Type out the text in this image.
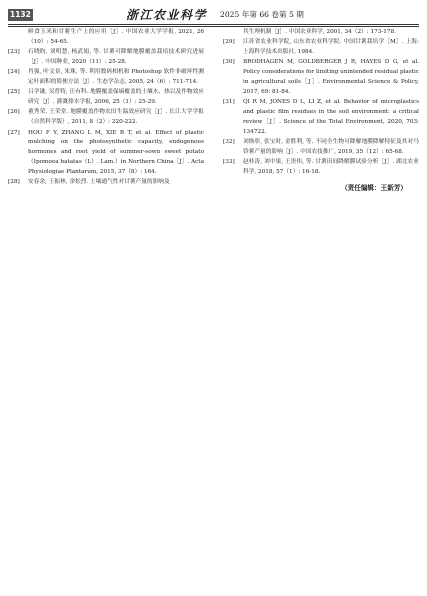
1132	浙江农业科学 2025 年第 66 卷第 5 期
鲜食玉米和甘薯生产上的应用［J］. 中国农业大学学报, 2021, 26（10）: 54-65.
[23]	石晓昀, 刘明慧, 杨武娟, 等. 甘薯可降解地膜覆盖栽培技术研究进展［J］. 中国种业, 2020（11）: 25-28.
[24]	肖强, 叶文景, 朱珠, 等. 利用数码相机和 Photoshop 软件非破坏性测定叶面积的简便方法［J］. 生态学杂志, 2005, 24（6）: 711-714.
[25]	吕学谦, 吴普特, 汪有科. 地膜覆盖保墒覆盖的土壤水、热以及作物效应研究［J］. 灌溉排水学报, 2006, 25（1）: 25-29.
[26]	董秀荣, 王荣堂. 地膜覆盖作物农田生温效应研究［J］. 长江大学学报（自然科学版）, 2011, 8（2）: 220-222.
[27]	HOU F Y, ZHANG L M, XIE B T, et al. Effect of plastic mulching on the photosynthetic capacity, endogenous hormones and root yield of summer-sown sweet potato（Ipomoea batatas（L）. Lam.）in Northern China［J］. Acta Physiologiae Plantarum, 2015, 37（8）: 164.
[28]	安春余, 王振林, 余松烈. 土壤通气性对甘薯产量的影响及
其生理机制［J］. 中国农业科学, 2001, 34（2）: 173-178.
[29]	江苏省农业科学院, 山东省农业科学院. 中国甘薯栽培学［M］. 上海: 上海科学技术出版社, 1984.
[30]	BRODHAGEN M, GOLDBERGER J R, HAYES D G, et al. Policy considerations for limiting unintended residual plastic in agricultural soils［J］. Environmental Science & Policy, 2017, 69: 81-84.
[31]	QI R M, JONES D L, LI Z, et al. Behavior of microplastics and plastic film residues in the soil environment: a critical review［J］. Science of the Total Environment, 2020, 703: 134722.
[32]	刘焕彰, 张宝时, 金胜利, 等. 不同全生物可降解地膜降解特征及其对马铃薯产量的影响［J］. 中国农技推广, 2019, 35（12）: 65-68.
[33]	赵桂涛, 刘中果, 王贵伟, 等. 甘薯田间降解膜试验分析［J］. 湖北农业科学, 2018, 57（1）: 16-18.
（责任编辑：王新芳）
